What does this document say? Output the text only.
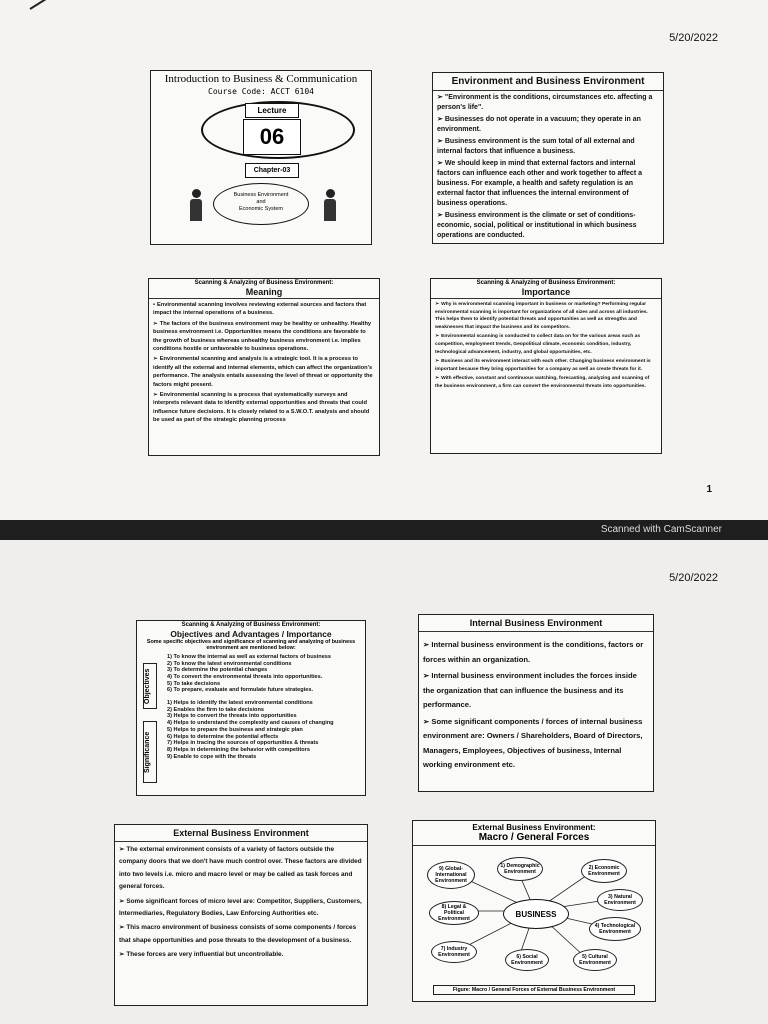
5/20/2022
Introduction to Business & Communication
Course Code: ACCT 6104
Lecture
06
Chapter-03
Business Environment
and
Economic System
Environment and Business Environment

➢ "Environment is the conditions, circumstances etc. affecting a person's life".

➢ Businesses do not operate in a vacuum; they operate in an environment.

➢ Business environment is the sum total of all external and internal factors that influence a business.

➢ We should keep in mind that external factors and internal factors can influence each other and work together to affect a business. For example, a health and safety regulation is an external factor that influences the internal environment of business operations.

➢ Business environment is the climate or set of conditions- economic, social, political or institutional in which business operations are conducted.

Scanning & Analyzing of Business Environment:
Meaning

• Environmental scanning involves reviewing external sources and factors that impact the internal operations of a business.

➢ The factors of the business environment may be healthy or unhealthy. Healthy business environment i.e. Opportunities means the conditions are favorable to the growth of business whereas unhealthy business environment i.e. implies conditions hostile or unfavorable to business operations.

➢ Environmental scanning and analysis is a strategic tool. It is a process to identify all the external and internal elements, which can affect the organization's performance. The analysis entails assessing the level of threat or opportunity the factors might present.

➢ Environmental scanning is a process that systematically surveys and interprets relevant data to identify external opportunities and threats that could influence future decisions. It is closely related to a S.W.O.T. analysis and should be used as part of the strategic planning process

Scanning & Analyzing of Business Environment:
Importance

➢ Why is environmental scanning important in business or marketing? Performing regular environmental scanning is important for organizations of all sizes and across all industries. This helps them to identify potential threats and opportunities as well as strengths and weaknesses that impact the business and its competitors.

➢ Environmental scanning is conducted to collect data on for the various areas such as competition, employment trends, Geopolitical climate, economic condition, industry, technological advancement, industry, and global opportunities, etc.

➢ Business and its environment interact with each other. Changing business environment is important because they bring opportunities for a company as well as create threats for it.

➢ With effective, constant and continuous watching, forecasting, analyzing and scanning of the business environment, a firm can convert the environmental threats into opportunities.

1
Scanned with CamScanner
5/20/2022
Scanning & Analyzing of Business Environment:
Objectives and Advantages / Importance
Some specific objectives and significance of scanning and analyzing of business environment are mentioned below:
Objectives
1) To know the internal as well as external factors of business
2) To know the latest environmental conditions
3) To determine the potential changes
4) To convert the environmental threats into opportunities.
5) To take decisions
6) To prepare, evaluate and formulate future strategies.
Significance
1) Helps to identify the latest environmental conditions
2) Enables the firm to take decisions
3) Helps to convert the threats into opportunities
4) Helps to understand the complexity and causes of changing
5) Helps to prepare the business and strategic plan
6) Helps to determine the potential effects
7) Helps in tracing the sources of opportunities & threats
8) Helps in determining the behavior with competitors
9) Enable to cope with the threats
Internal Business Environment

➢ Internal business environment is the conditions, factors or forces within an organization.

➢ Internal business environment includes the forces inside the organization that can influence the business and its performance.

➢ Some significant components / forces of internal business environment are: Owners / Shareholders, Board of Directors, Managers, Employees, Objectives of business, Internal working environment etc.

External Business Environment

➢ The external environment consists of a variety of factors outside the company doors that we don't have much control over. These factors are divided into two levels i.e. micro and macro level or may be called as task forces and general forces.

➢ Some significant forces of micro level are: Competitor, Suppliers, Customers, Intermediaries, Regulatory Bodies, Law Enforcing Authorities etc.

➢ This macro environment of business consists of some components / forces that shape opportunities and pose threats to the development of a business.

➢ These forces are very influential but uncontrollable.

External Business Environment:
Macro / General Forces
BUSINESS
1) Demographic Environment
2) Economic Environment
3) Natural Environment
4) Technological Environment
5) Cultural Environment
6) Social Environment
7) Industry Environment
8) Legal & Political Environment
9) Global-International Environment
Figure: Macro / General Forces of External Business Environment
